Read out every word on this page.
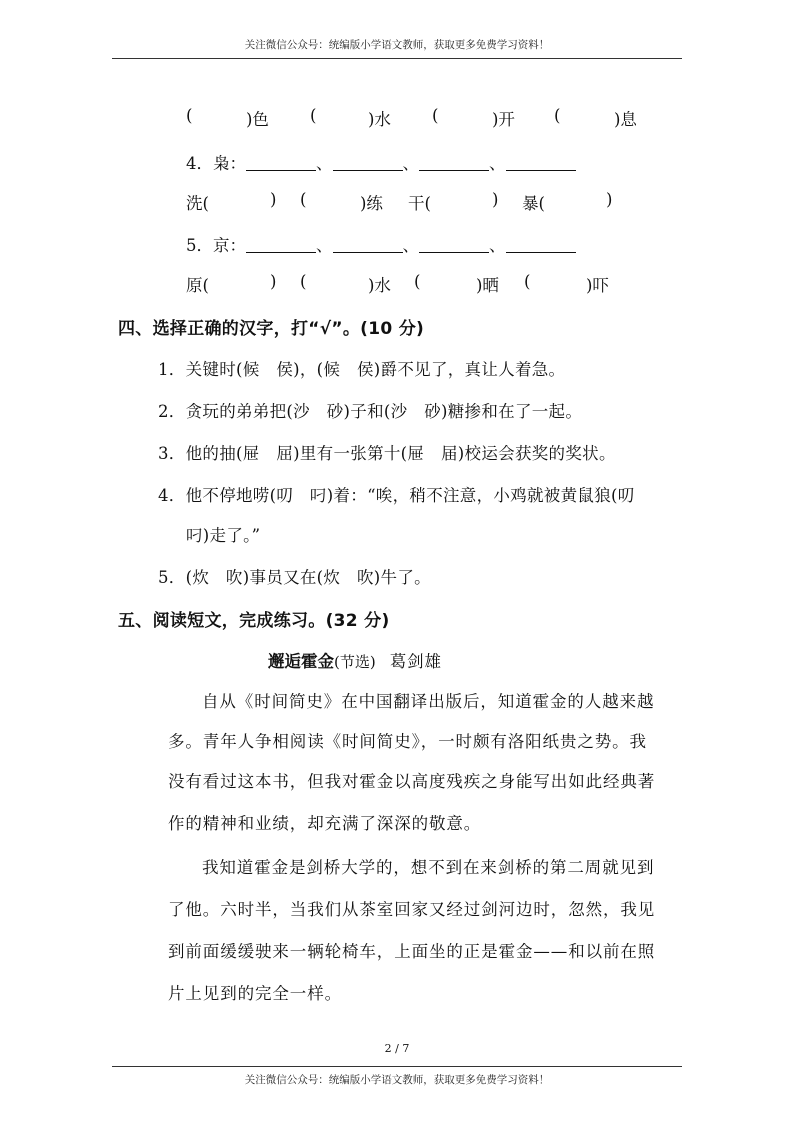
关注微信公众号：统编版小学语文教师，获取更多免费学习资料！
(	)色 (	)水 (	)开 (	)息
4．枭：	、	、	、
洗(	) (	)练 干(	) 暴(	)
5．京：	、	、	、
原(	) (	)水 (	)晒 (	)吓
四、选择正确的汉字，打“√”。(10 分)
1．关键时(候　侯)，(候　侯)爵不见了，真让人着急。
2．贪玩的弟弟把(沙　砂)子和(沙　砂)糖掺和在了一起。
3．他的抽(屉　屈)里有一张第十(屉　届)校运会获奖的奖状。
4．他不停地唠(叨　叼)着：“唉，稍不注意，小鸡就被黄鼠狼(叨
叼)走了。”
5．(炊　吹)事员又在(炊　吹)牛了。
五、阅读短文，完成练习。(32 分)
邂逅霍金(节选) 葛剑雄
自从《时间简史》在中国翻译出版后，知道霍金的人越来越
多。青年人争相阅读《时间简史》，一时颇有洛阳纸贵之势。我
没有看过这本书，但我对霍金以高度残疾之身能写出如此经典著
作的精神和业绩，却充满了深深的敬意。
我知道霍金是剑桥大学的，想不到在来剑桥的第二周就见到
了他。六时半，当我们从茶室回家又经过剑河边时，忽然，我见
到前面缓缓驶来一辆轮椅车，上面坐的正是霍金——和以前在照
片上见到的完全一样。
2 / 7
关注微信公众号：统编版小学语文教师，获取更多免费学习资料！
